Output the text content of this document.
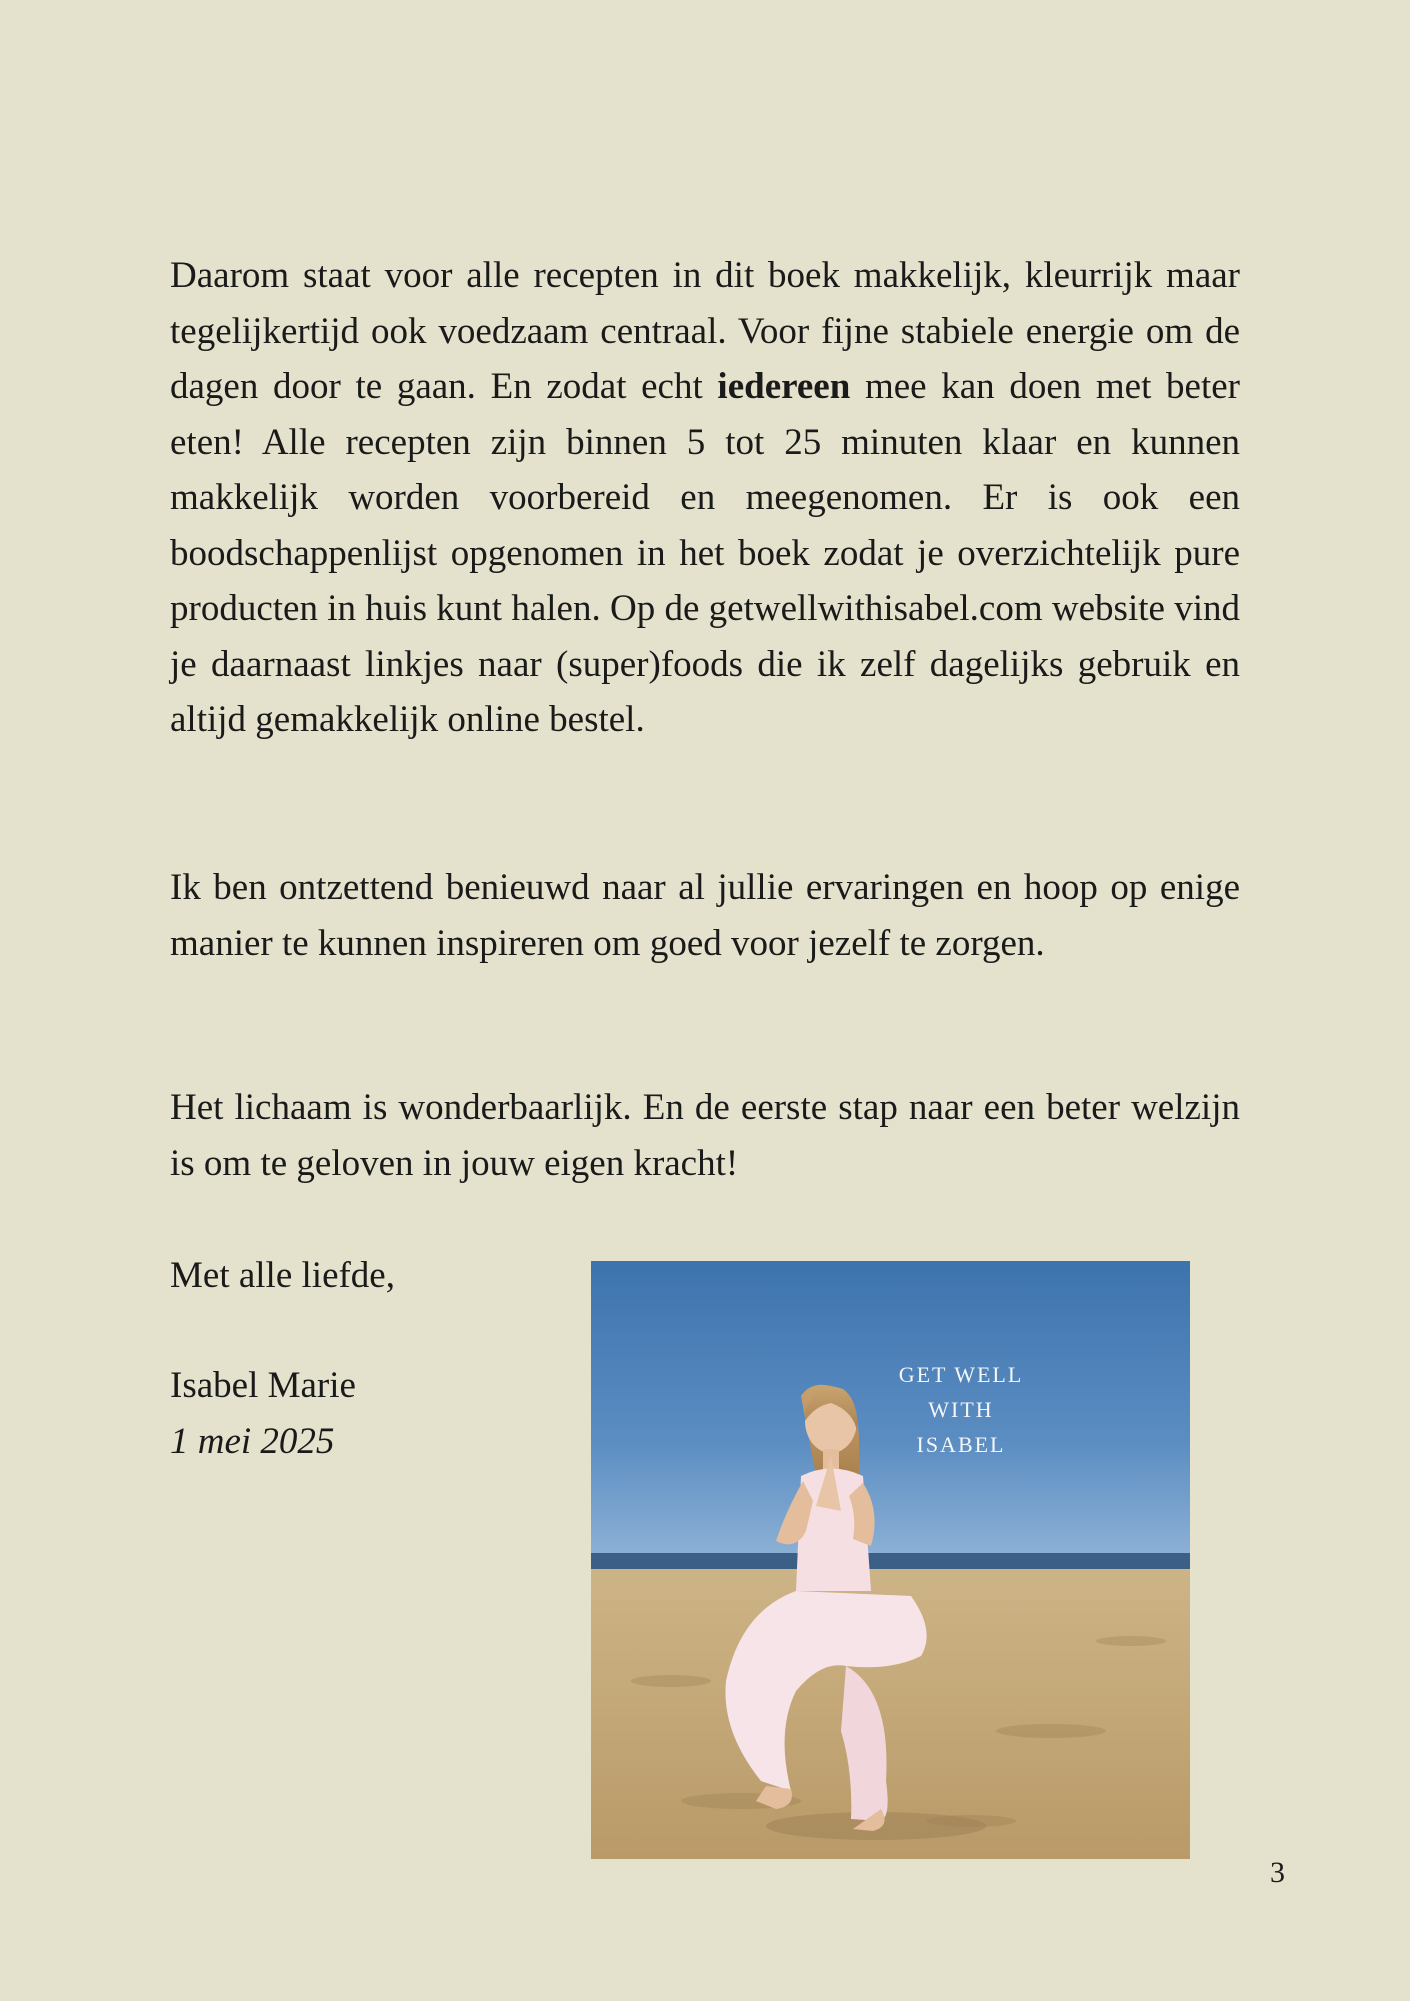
Daarom staat voor alle recepten in dit boek makkelijk, kleurrijk maar tegelijkertijd ook voedzaam centraal. Voor fijne stabiele energie om de dagen door te gaan. En zodat echt iedereen mee kan doen met beter eten! Alle recepten zijn binnen 5 tot 25 minuten klaar en kunnen makkelijk worden voorbereid en meegenomen. Er is ook een boodschappenlijst opgenomen in het boek zodat je overzichtelijk pure producten in huis kunt halen. Op de getwellwithisabel.com website vind je daarnaast linkjes naar (super)foods die ik zelf dagelijks gebruik en altijd gemakkelijk online bestel.

Ik ben ontzettend benieuwd naar al jullie ervaringen en hoop op enige manier te kunnen inspireren om goed voor jezelf te zorgen.

Het lichaam is wonderbaarlijk. En de eerste stap naar een beter welzijn is om te geloven in jouw eigen kracht!

Met alle liefde,

Isabel Marie

1 mei 2025

GET WELL WITH
ISABEL

3
